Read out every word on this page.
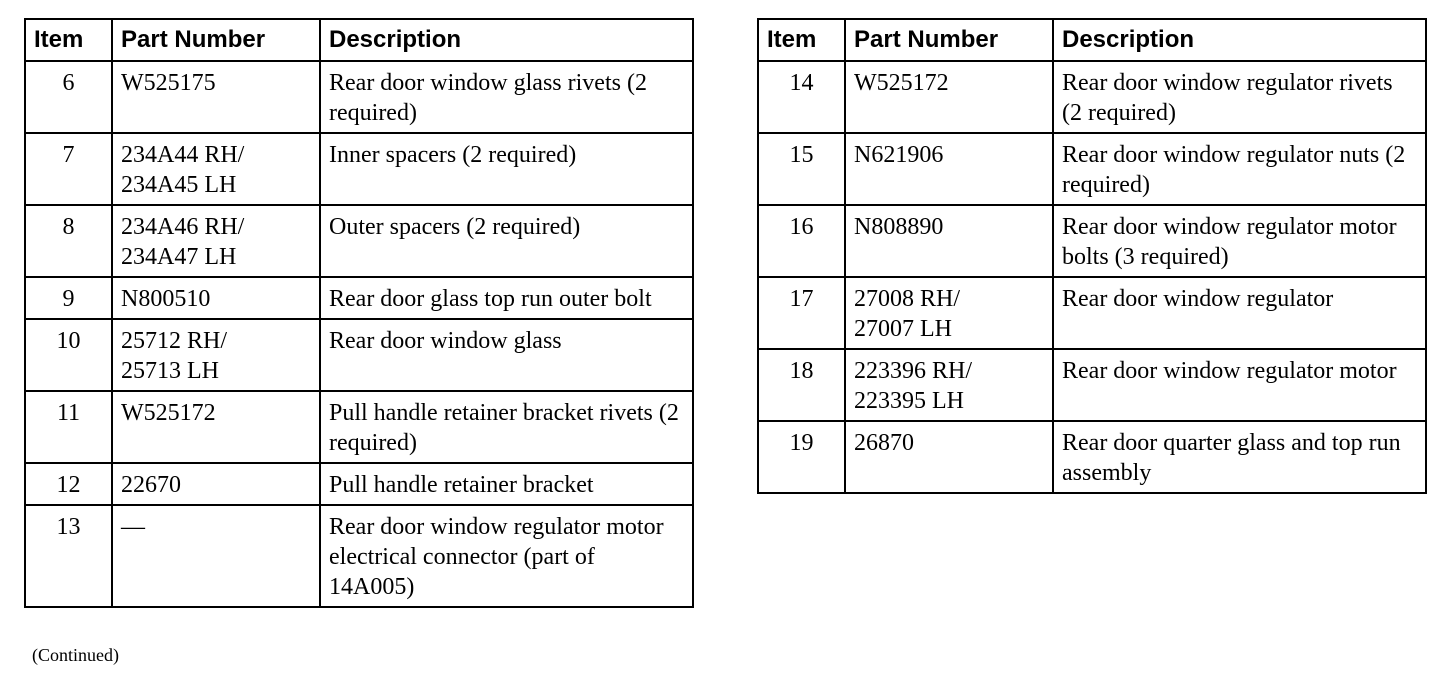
Item	Part Number	Description
6	W525175	Rear door window glass rivets (2 required)
7	234A44 RH/ 234A45 LH	Inner spacers (2 required)
8	234A46 RH/ 234A47 LH	Outer spacers (2 required)
9	N800510	Rear door glass top run outer bolt
10	25712 RH/ 25713 LH	Rear door window glass
11	W525172	Pull handle retainer bracket rivets (2 required)
12	22670	Pull handle retainer bracket
13	—	Rear door window regulator motor electrical connector (part of 14A005)
Item	Part Number	Description
14	W525172	Rear door window regulator rivets (2 required)
15	N621906	Rear door window regulator nuts (2 required)
16	N808890	Rear door window regulator motor bolts (3 required)
17	27008 RH/ 27007 LH	Rear door window regulator
18	223396 RH/ 223395 LH	Rear door window regulator motor
19	26870	Rear door quarter glass and top run assembly
(Continued)
